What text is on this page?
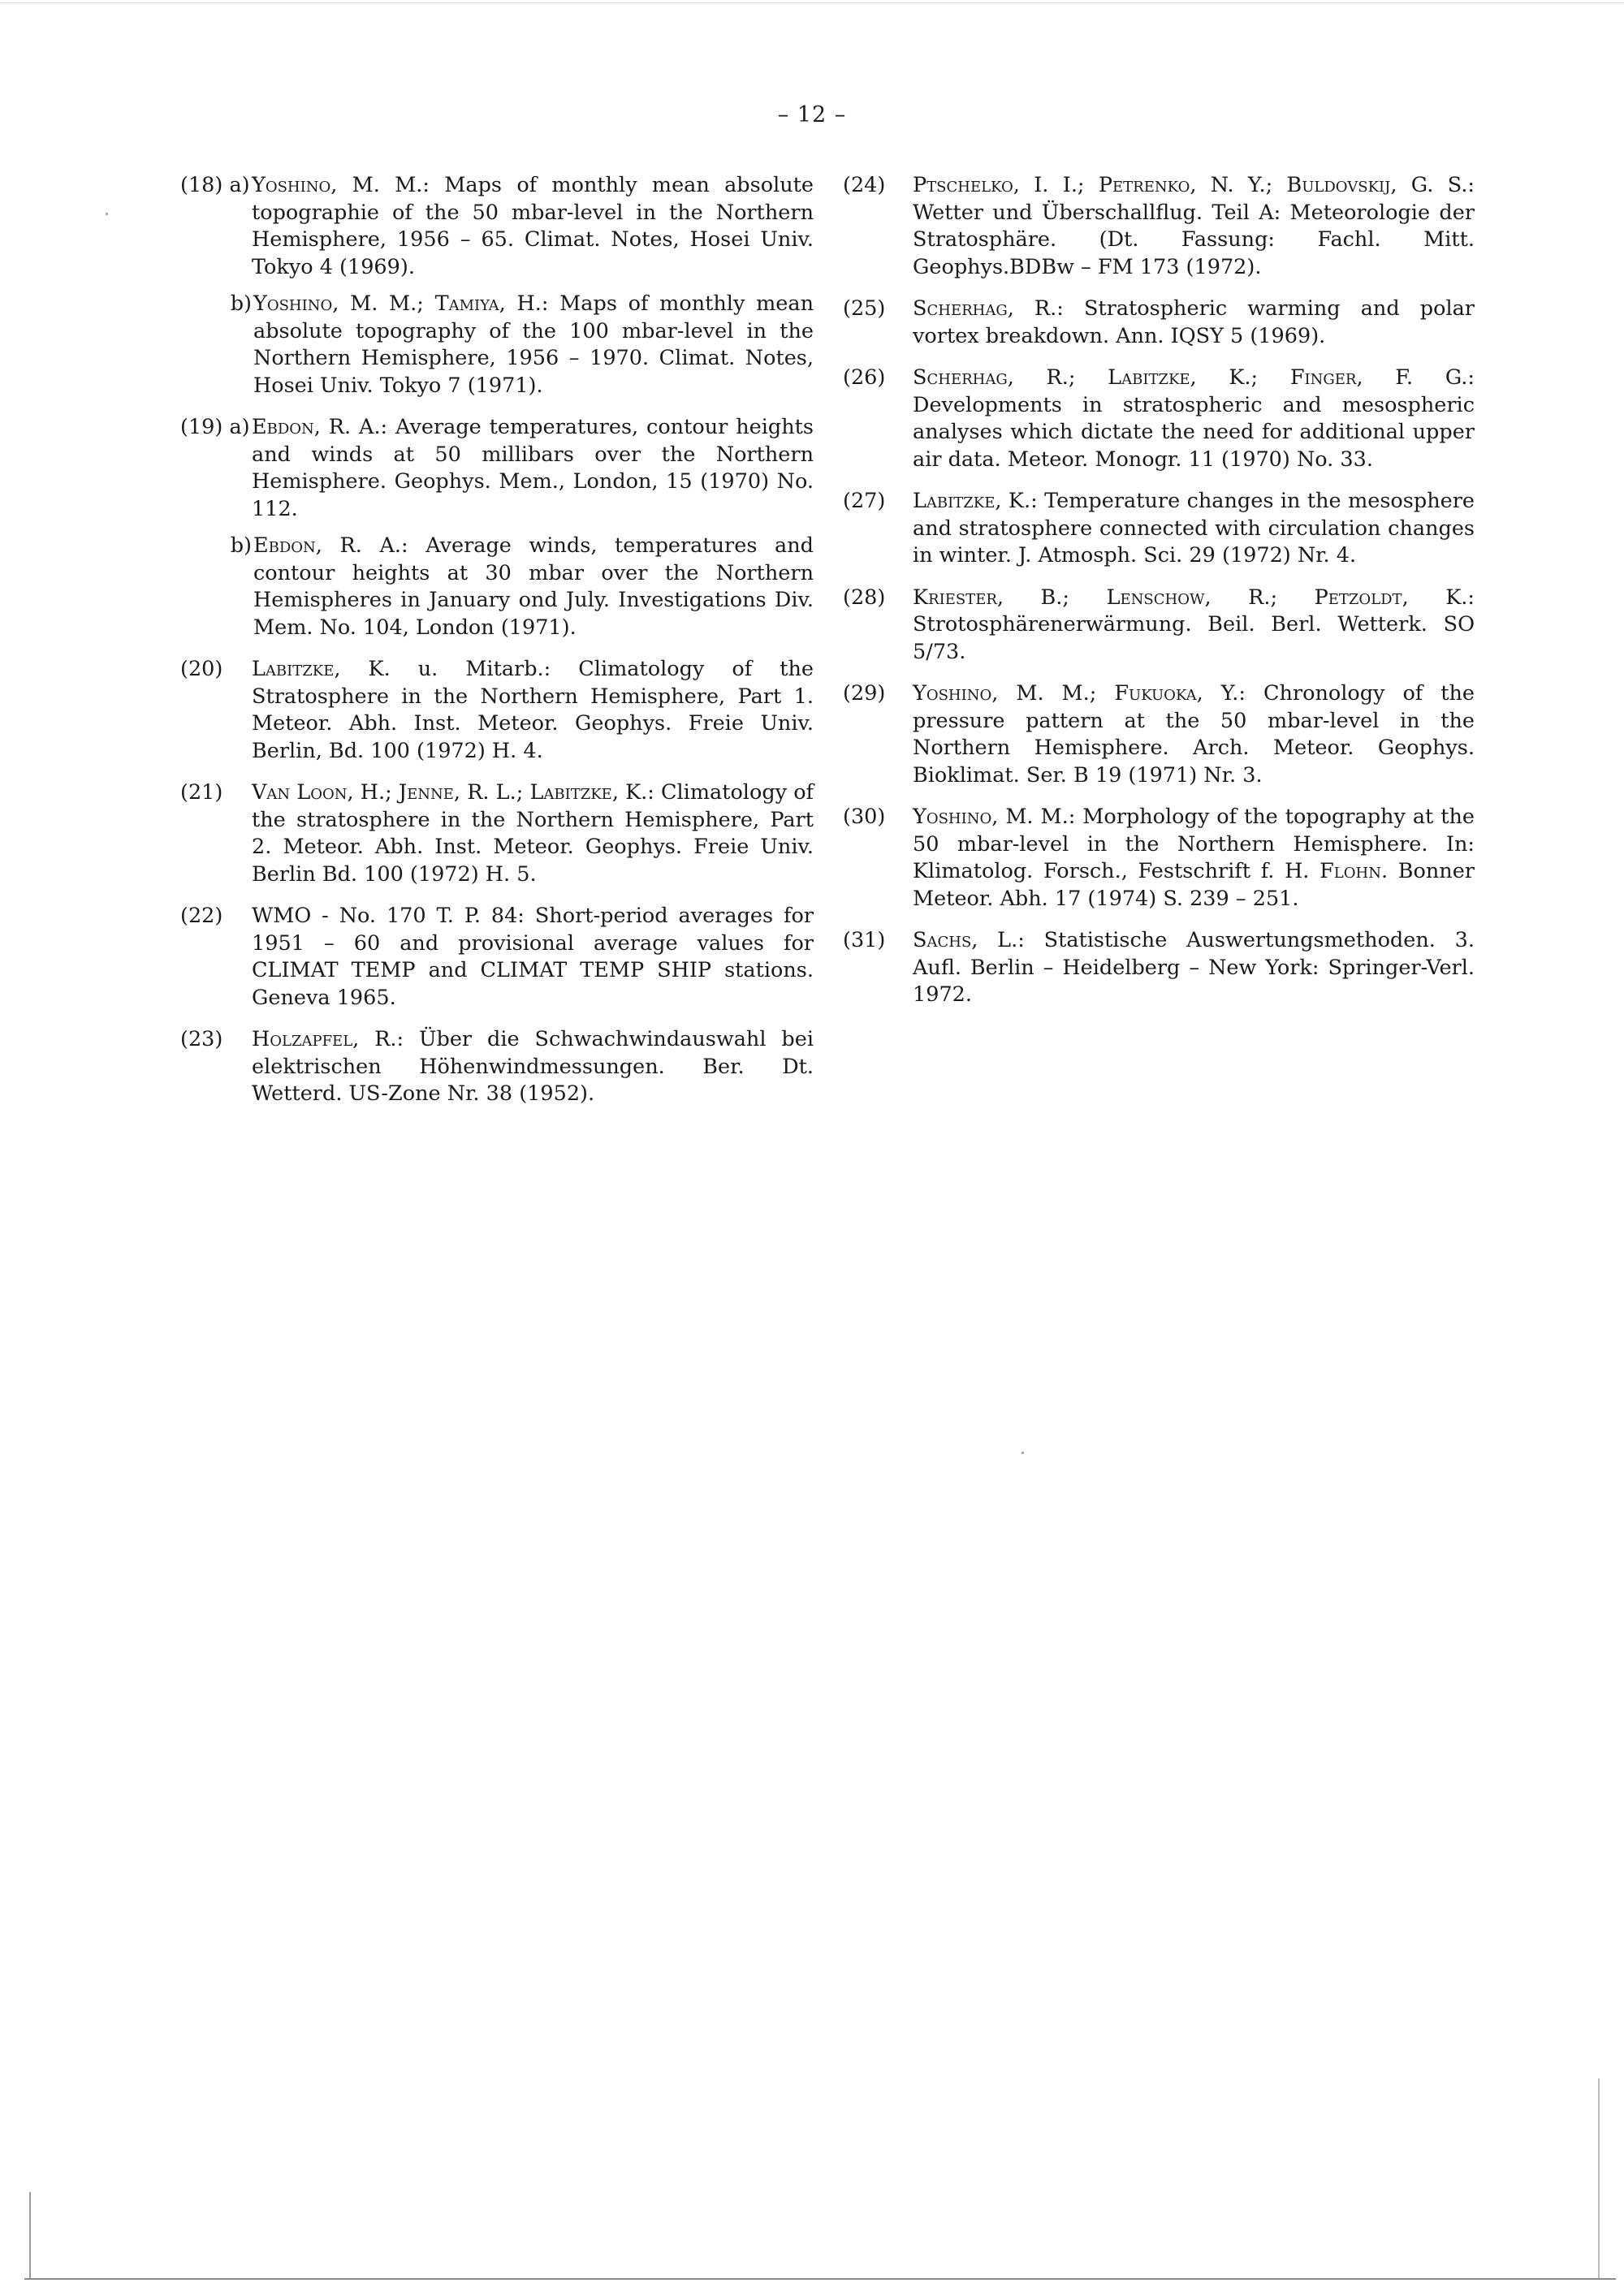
– 12 –
(18) a) Yoshino, M. M.: Maps of monthly mean absolute topographie of the 50 mbar-level in the Northern Hemisphere, 1956 – 65. Climat. Notes, Hosei Univ. Tokyo 4 (1969).
b) Yoshino, M. M.; Tamiya, H.: Maps of monthly mean absolute topography of the 100 mbar-level in the Northern Hemisphere, 1956 – 1970. Climat. Notes, Hosei Univ. Tokyo 7 (1971).
(19) a) Ebdon, R. A.: Average temperatures, contour heights and winds at 50 millibars over the Northern Hemisphere. Geophys. Mem., London, 15 (1970) No. 112.
b) Ebdon, R. A.: Average winds, temperatures and contour heights at 30 mbar over the Northern Hemispheres in January ond July. Investigations Div. Mem. No. 104, London (1971).
(20)	Labitzke, K. u. Mitarb.: Climatology of the Stratosphere in the Northern Hemisphere, Part 1. Meteor. Abh. Inst. Meteor. Geophys. Freie Univ. Berlin, Bd. 100 (1972) H. 4.
(21)	Van Loon, H.; Jenne, R. L.; Labitzke, K.: Climatology of the stratosphere in the Northern Hemisphere, Part 2. Meteor. Abh. Inst. Meteor. Geophys. Freie Univ. Berlin Bd. 100 (1972) H. 5.
(22)	WMO - No. 170 T. P. 84: Short-period averages for 1951 – 60 and provisional average values for CLIMAT TEMP and CLIMAT TEMP SHIP stations. Geneva 1965.
(23)	Holzapfel, R.: Über die Schwachwindauswahl bei elektrischen Höhenwindmessungen. Ber. Dt. Wetterd. US-Zone Nr. 38 (1952).
(24)	Ptschelko, I. I.; Petrenko, N. Y.; Buldovskij, G. S.: Wetter und Überschallflug. Teil A: Meteorologie der Stratosphäre. (Dt. Fassung: Fachl. Mitt. Geophys.BDBw – FM 173 (1972).
(25)	Scherhag, R.: Stratospheric warming and polar vortex breakdown. Ann. IQSY 5 (1969).
(26)	Scherhag, R.; Labitzke, K.; Finger, F. G.: Developments in stratospheric and mesospheric analyses which dictate the need for additional upper air data. Meteor. Monogr. 11 (1970) No. 33.
(27)	Labitzke, K.: Temperature changes in the mesosphere and stratosphere connected with circulation changes in winter. J. Atmosph. Sci. 29 (1972) Nr. 4.
(28)	Kriester, B.; Lenschow, R.; Petzoldt, K.: Strotosphärenerwärmung. Beil. Berl. Wetterk. SO 5/73.
(29)	Yoshino, M. M.; Fukuoka, Y.: Chronology of the pressure pattern at the 50 mbar-level in the Northern Hemisphere. Arch. Meteor. Geophys. Bioklimat. Ser. B 19 (1971) Nr. 3.
(30)	Yoshino, M. M.: Morphology of the topography at the 50 mbar-level in the Northern Hemisphere. In: Klimatolog. Forsch., Festschrift f. H. Flohn. Bonner Meteor. Abh. 17 (1974) S. 239 – 251.
(31)	Sachs, L.: Statistische Auswertungsmethoden. 3. Aufl. Berlin – Heidelberg – New York: Springer-Verl. 1972.
